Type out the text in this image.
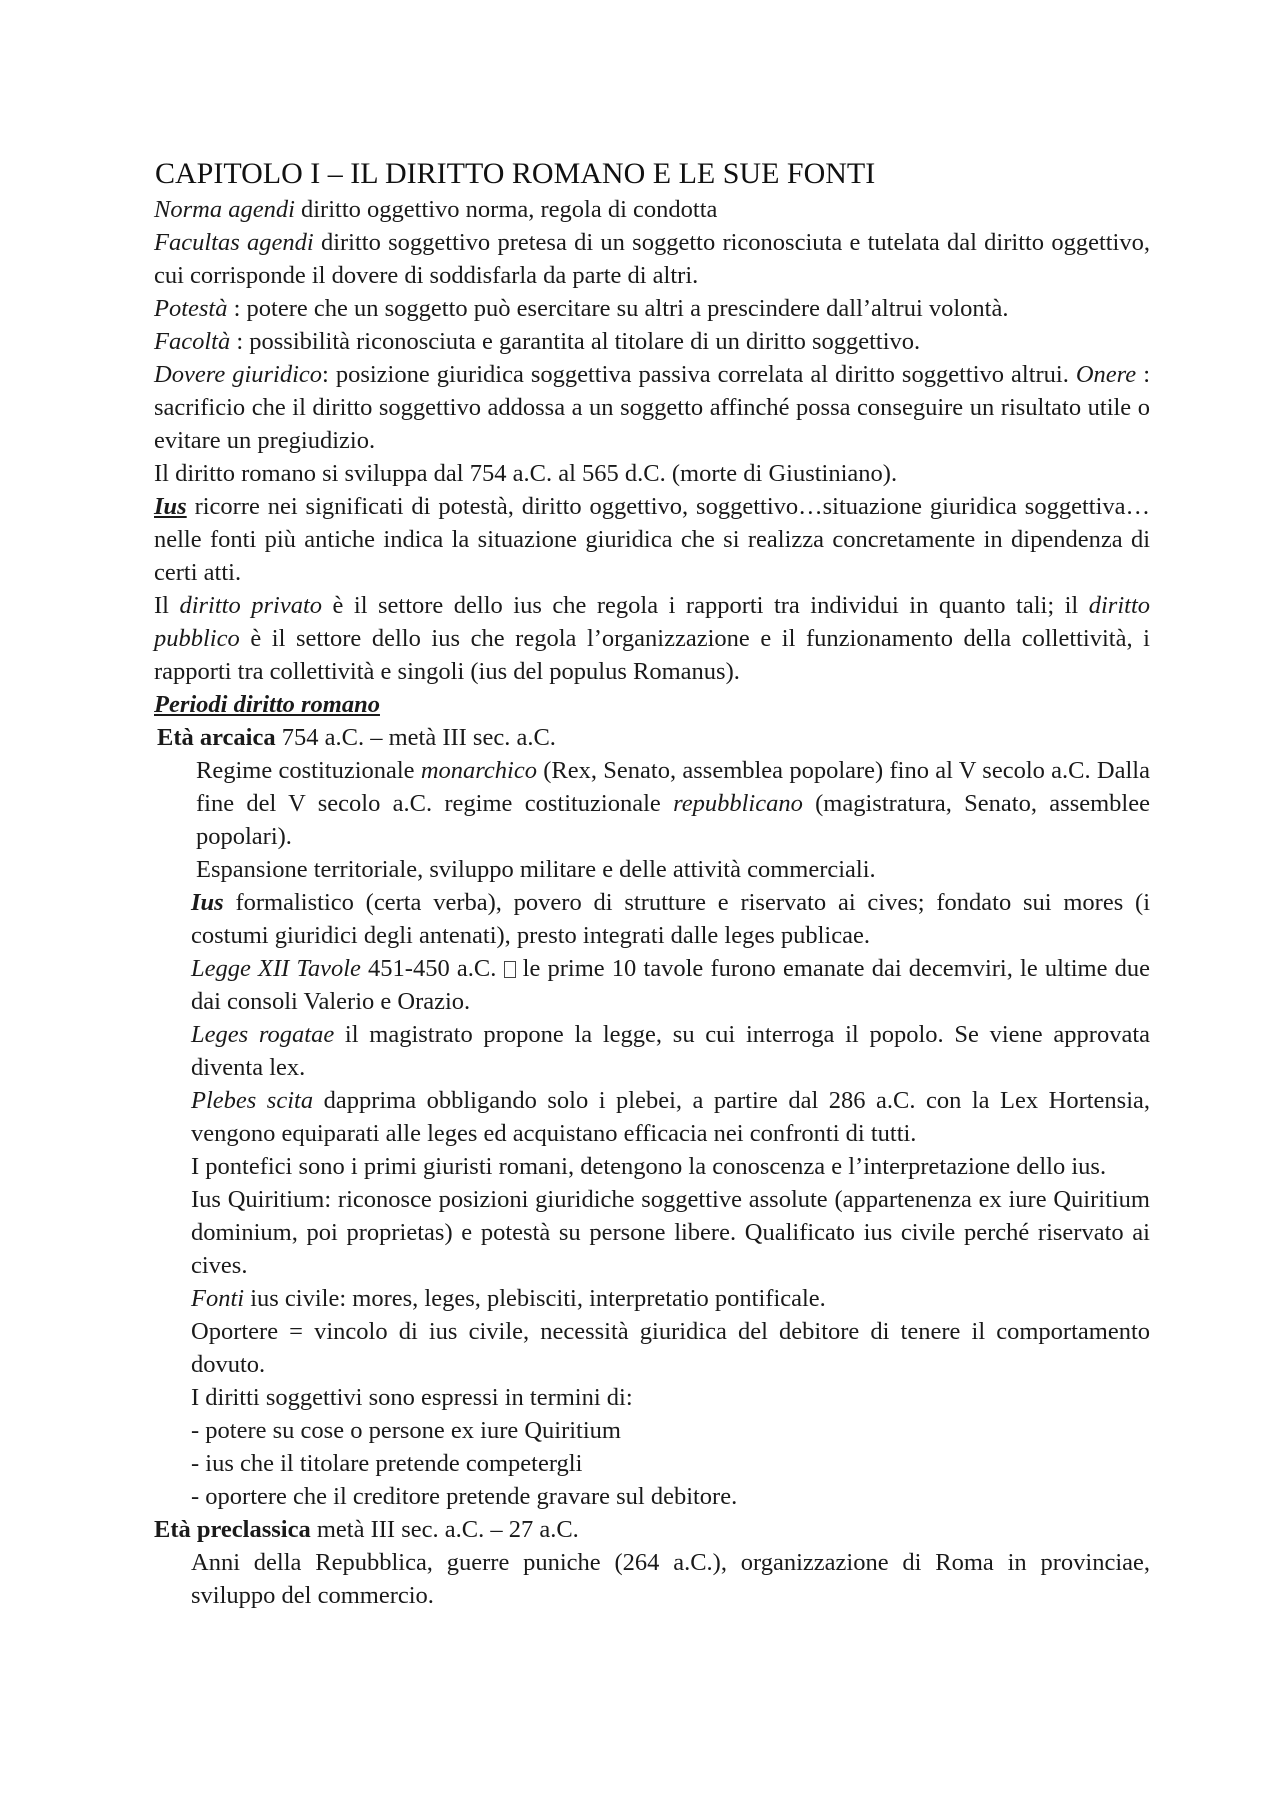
CAPITOLO I – IL DIRITTO ROMANO E LE SUE FONTI

Norma agendi diritto oggettivo norma, regola di condotta

Facultas agendi diritto soggettivo pretesa di un soggetto riconosciuta e tutelata dal diritto oggettivo, cui corrisponde il dovere di soddisfarla da parte di altri.

Potestà : potere che un soggetto può esercitare su altri a prescindere dall’altrui volontà.

Facoltà : possibilità riconosciuta e garantita al titolare di un diritto soggettivo.

Dovere giuridico: posizione giuridica soggettiva passiva correlata al diritto soggettivo altrui. Onere : sacrificio che il diritto soggettivo addossa a un soggetto affinché possa conseguire un risultato utile o evitare un pregiudizio.

Il diritto romano si sviluppa dal 754 a.C. al 565 d.C. (morte di Giustiniano).

Ius ricorre nei significati di potestà, diritto oggettivo, soggettivo…situazione giuridica soggettiva… nelle fonti più antiche indica la situazione giuridica che si realizza concretamente in dipendenza di certi atti.

Il diritto privato è il settore dello ius che regola i rapporti tra individui in quanto tali; il diritto pubblico è il settore dello ius che regola l’organizzazione e il funzionamento della collettività, i rapporti tra collettività e singoli (ius del populus Romanus).

Periodi diritto romano

Età arcaica 754 a.C. – metà III sec. a.C.

Regime costituzionale monarchico (Rex, Senato, assemblea popolare) fino al V secolo a.C. Dalla fine del V secolo a.C. regime costituzionale repubblicano (magistratura, Senato, assemblee popolari).

Espansione territoriale, sviluppo militare e delle attività commerciali.

Ius formalistico (certa verba), povero di strutture e riservato ai cives; fondato sui mores (i costumi giuridici degli antenati), presto integrati dalle leges publicae.

Legge XII Tavole 451-450 a.C.  le prime 10 tavole furono emanate dai decemviri, le ultime due dai consoli Valerio e Orazio.

Leges rogatae il magistrato propone la legge, su cui interroga il popolo. Se viene approvata diventa lex.

Plebes scita dapprima obbligando solo i plebei, a partire dal 286 a.C. con la Lex Hortensia, vengono equiparati alle leges ed acquistano efficacia nei confronti di tutti.

I pontefici sono i primi giuristi romani, detengono la conoscenza e l’interpretazione dello ius.

Ius Quiritium: riconosce posizioni giuridiche soggettive assolute (appartenenza ex iure Quiritium dominium, poi proprietas) e potestà su persone libere. Qualificato ius civile perché riservato ai cives.

Fonti ius civile: mores, leges, plebisciti, interpretatio pontificale.

Oportere = vincolo di ius civile, necessità giuridica del debitore di tenere il comportamento dovuto.

I diritti soggettivi sono espressi in termini di:

- potere su cose o persone ex iure Quiritium

- ius che il titolare pretende competergli

- oportere che il creditore pretende gravare sul debitore.

Età preclassica metà III sec. a.C. – 27 a.C.

Anni della Repubblica, guerre puniche (264 a.C.), organizzazione di Roma in provinciae, sviluppo del commercio.
